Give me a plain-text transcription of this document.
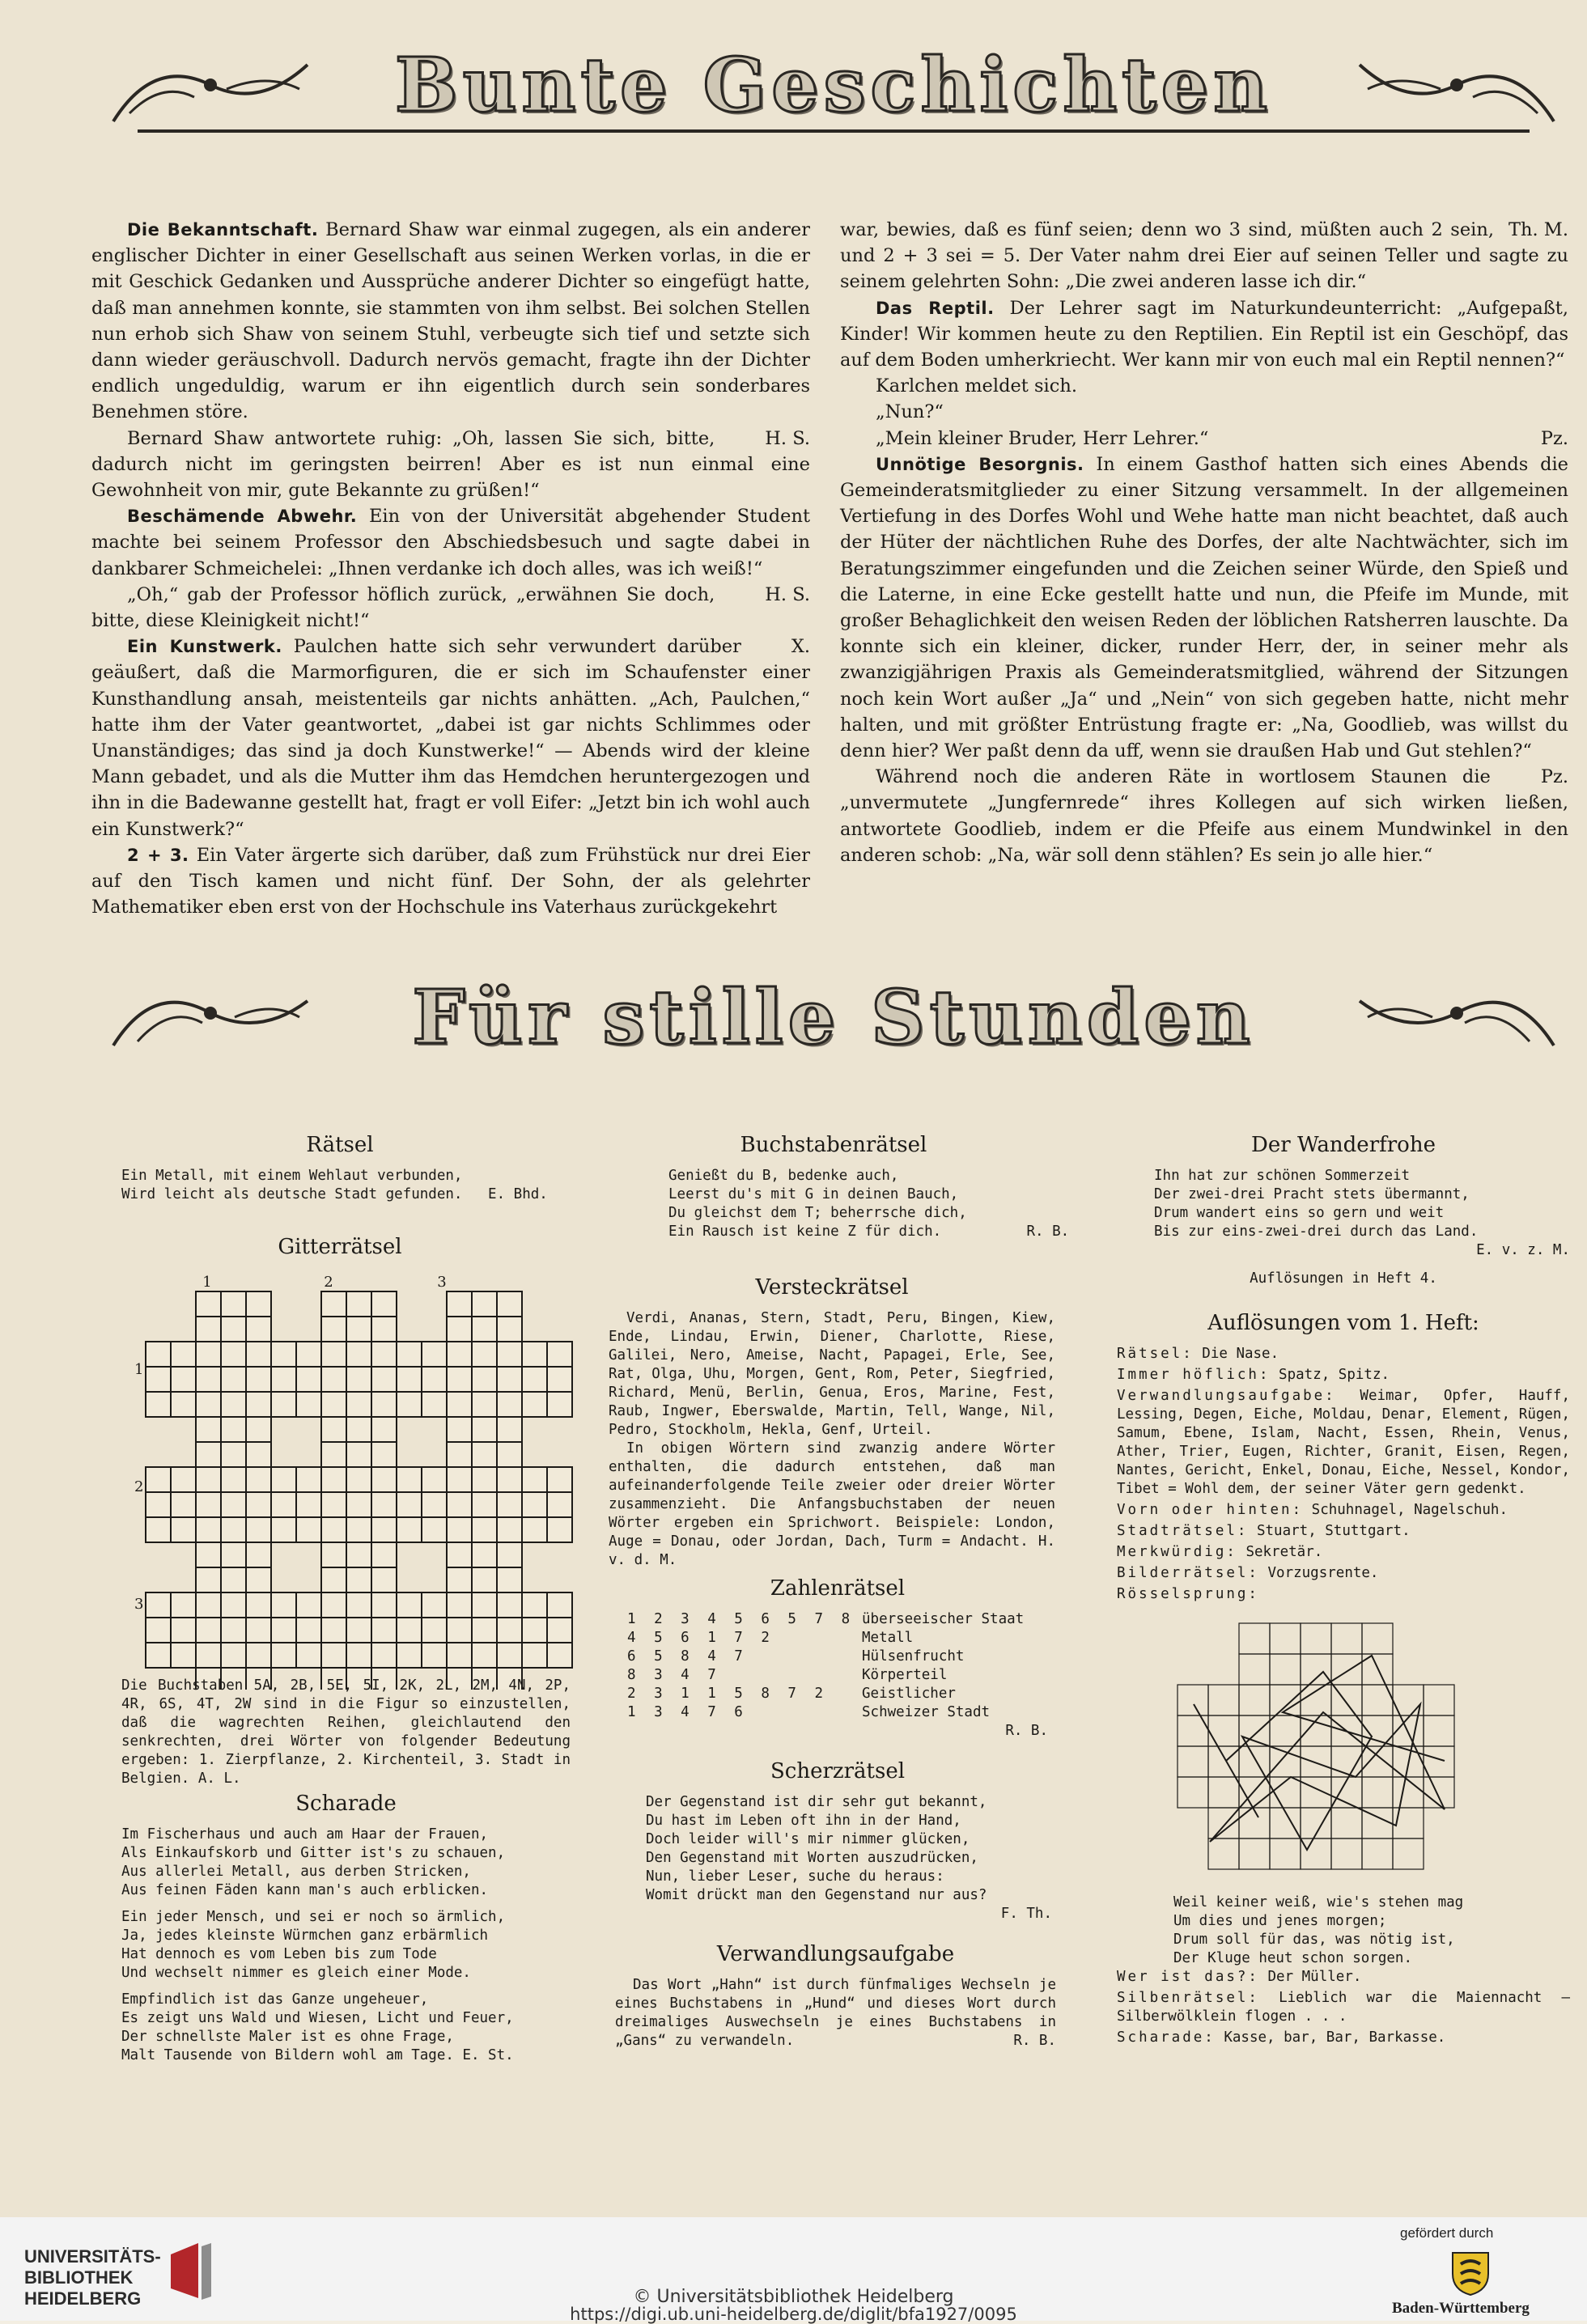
Bunte Geschichten

Die Bekanntschaft. Bernard Shaw war einmal zugegen, als ein anderer englischer Dichter in einer Gesellschaft aus seinen Werken vorlas, in die er mit Geschick Gedanken und Aussprüche anderer Dichter so eingefügt hatte, daß man annehmen konnte, sie stammten von ihm selbst. Bei solchen Stellen nun erhob sich Shaw von seinem Stuhl, verbeugte sich tief und setzte sich dann wieder geräuschvoll. Dadurch nervös gemacht, fragte ihn der Dichter endlich ungeduldig, warum er ihn eigentlich durch sein sonderbares Benehmen störe.

H. S.
Bernard Shaw antwortete ruhig: „Oh, lassen Sie sich, bitte, dadurch nicht im geringsten beirren! Aber es ist nun einmal eine Gewohnheit von mir, gute Bekannte zu grüßen!“

Beschämende Abwehr. Ein von der Universität abgehender Student machte bei seinem Professor den Abschiedsbesuch und sagte dabei in dankbarer Schmeichelei: „Ihnen verdanke ich doch alles, was ich weiß!“

H. S.
„Oh,“ gab der Professor höflich zurück, „erwähnen Sie doch, bitte, diese Kleinigkeit nicht!“

X.
Ein Kunstwerk. Paulchen hatte sich sehr verwundert darüber geäußert, daß die Marmorfiguren, die er sich im Schaufenster einer Kunsthandlung ansah, meistenteils gar nichts anhätten. „Ach, Paulchen,“ hatte ihm der Vater geantwortet, „dabei ist gar nichts Schlimmes oder Unanständiges; das sind ja doch Kunstwerke!“ — Abends wird der kleine Mann gebadet, und als die Mutter ihm das Hemdchen heruntergezogen und ihn in die Badewanne gestellt hat, fragt er voll Eifer: „Jetzt bin ich wohl auch ein Kunstwerk?“

2 + 3. Ein Vater ärgerte sich darüber, daß zum Frühstück nur drei Eier auf den Tisch kamen und nicht fünf. Der Sohn, der als gelehrter Mathematiker eben erst von der Hochschule ins Vaterhaus zurückgekehrt

Th. M.
war, bewies, daß es fünf seien; denn wo 3 sind, müßten auch 2 sein, und 2 + 3 sei = 5. Der Vater nahm drei Eier auf seinen Teller und sagte zu seinem gelehrten Sohn: „Die zwei anderen lasse ich dir.“

Das Reptil. Der Lehrer sagt im Naturkundeunterricht: „Aufgepaßt, Kinder! Wir kommen heute zu den Reptilien. Ein Reptil ist ein Geschöpf, das auf dem Boden umherkriecht. Wer kann mir von euch mal ein Reptil nennen?“

Karlchen meldet sich.

„Nun?“

Pz.
„Mein kleiner Bruder, Herr Lehrer.“

Unnötige Besorgnis. In einem Gasthof hatten sich eines Abends die Gemeinderatsmitglieder zu einer Sitzung versammelt. In der allgemeinen Vertiefung in des Dorfes Wohl und Wehe hatte man nicht beachtet, daß auch der Hüter der nächtlichen Ruhe des Dorfes, der alte Nachtwächter, sich im Beratungszimmer eingefunden und die Zeichen seiner Würde, den Spieß und die Laterne, in eine Ecke gestellt hatte und nun, die Pfeife im Munde, mit großer Behaglichkeit den weisen Reden der löblichen Ratsherren lauschte. Da konnte sich ein kleiner, dicker, runder Herr, der, in seiner mehr als zwanzigjährigen Praxis als Gemeinderatsmitglied, während der Sitzungen noch kein Wort außer „Ja“ und „Nein“ von sich gegeben hatte, nicht mehr halten, und mit größter Entrüstung fragte er: „Na, Goodlieb, was willst du denn hier? Wer paßt denn da uff, wenn sie draußen Hab und Gut stehlen?“

Pz.
Während noch die anderen Räte in wortlosem Staunen die „unvermutete „Jungfernrede“ ihres Kollegen auf sich wirken ließen, antwortete Goodlieb, indem er die Pfeife aus einem Mundwinkel in den anderen schob: „Na, wär soll denn stählen? Es sein jo alle hier.“

Für stille Stunden
Rätsel
Ein Metall, mit einem Wehlaut verbunden,
Wird leicht als deutsche Stadt gefunden. E. Bhd.
Gitterrätsel
1	2	3
1
2
3

Die Buchstaben 5A, 2B, 5E, 5I, 2K, 2L, 2M, 4N, 2P, 4R, 6S, 4T, 2W sind in die Figur so einzustellen, daß die wagrechten Reihen, gleichlautend den senkrechten, drei Wörter von folgender Bedeutung ergeben: 1. Zierpflanze, 2. Kirchenteil, 3. Stadt in Belgien. A. L.

Scharade
Im Fischerhaus und auch am Haar der Frauen,
Als Einkaufskorb und Gitter ist's zu schauen,
Aus allerlei Metall, aus derben Stricken,
Aus feinen Fäden kann man's auch erblicken.
Ein jeder Mensch, und sei er noch so ärmlich,
Ja, jedes kleinste Würmchen ganz erbärmlich
Hat dennoch es vom Leben bis zum Tode
Und wechselt nimmer es gleich einer Mode.
Empfindlich ist das Ganze ungeheuer,
Es zeigt uns Wald und Wiesen, Licht und Feuer,
Der schnellste Maler ist es ohne Frage,
Malt Tausende von Bildern wohl am Tage. E. St.
Buchstabenrätsel
Genießt du B, bedenke auch,
Leerst du's mit G in deinen Bauch,
Du gleichst dem T; beherrsche dich,
Ein Rausch ist keine Z für dich.	R. B.
Versteckrätsel

Verdi, Ananas, Stern, Stadt, Peru, Bingen, Kiew, Ende, Lindau, Erwin, Diener, Charlotte, Riese, Galilei, Nero, Ameise, Nacht, Papagei, Erle, See, Rat, Olga, Uhu, Morgen, Gent, Rom, Peter, Siegfried, Richard, Menü, Berlin, Genua, Eros, Marine, Fest, Raub, Ingwer, Eberswalde, Martin, Tell, Wange, Nil, Pedro, Stockholm, Hekla, Genf, Urteil.

In obigen Wörtern sind zwanzig andere Wörter enthalten, die dadurch entstehen, daß man aufeinanderfolgende Teile zweier oder dreier Wörter zusammenzieht. Die Anfangsbuchstaben der neuen Wörter ergeben ein Sprichwort. Beispiele: London, Auge = Donau, oder Jordan, Dach, Turm = Andacht. H. v. d. M.

Zahlenrätsel
1 2 3 4 5 6 5 7 8 überseeischer Staat
4 5 6 1 7 2	Metall
6 5 8 4 7	Hülsenfrucht
8 3 4 7	Körperteil
2 3 1 1 5 8 7 2	Geistlicher
1 3 4 7 6	Schweizer Stadt
R. B.
Scherzrätsel
Der Gegenstand ist dir sehr gut bekannt,
Du hast im Leben oft ihn in der Hand,
Doch leider will's mir nimmer glücken,
Den Gegenstand mit Worten auszudrücken,
Nun, lieber Leser, suche du heraus:
Womit drückt man den Gegenstand nur aus?
F. Th.
Verwandlungsaufgabe

Das Wort „Hahn“ ist durch fünfmaliges Wechseln je eines Buchstabens in „Hund“ und dieses Wort durch dreimaliges Auswechseln je eines Buchstabens in „Gans“ zu verwandeln.	R. B.

Der Wanderfrohe
Ihn hat zur schönen Sommerzeit
Der zwei-drei Pracht stets übermannt,
Drum wandert eins so gern und weit
Bis zur eins-zwei-drei durch das Land.
E. v. z. M.
Auflösungen in Heft 4.
Auflösungen vom 1. Heft:

Rätsel: Die Nase.

Immer höflich: Spatz, Spitz.

Verwandlungsaufgabe: Weimar, Opfer, Hauff, Lessing, Degen, Eiche, Moldau, Denar, Element, Rügen, Samum, Ebene, Islam, Nacht, Essen, Rhein, Venus, Ather, Trier, Eugen, Richter, Granit, Eisen, Regen, Nantes, Gericht, Enkel, Donau, Eiche, Nessel, Kondor, Tibet = Wohl dem, der seiner Väter gern gedenkt.

Vorn oder hinten: Schuhnagel, Nagelschuh.

Stadträtsel: Stuart, Stuttgart.

Merkwürdig: Sekretär.

Bilderrätsel: Vorzugsrente.

Rösselsprung:

Weil keiner weiß, wie's stehen mag
Um dies und jenes morgen;
Drum soll für das, was nötig ist,
Der Kluge heut schon sorgen.

Wer ist das?: Der Müller.

Silbenrätsel: Lieblich war die Maiennacht — Silberwölklein flogen . . .

Scharade: Kasse, bar, Bar, Barkasse.

UNIVERSITÄTS-
BIBLIOTHEK
HEIDELBERG	© Universitätsbibliothek Heidelberg
https://digi.ub.uni-heidelberg.de/diglit/bfa1927/0095
gefördert durch
Baden-Württemberg
